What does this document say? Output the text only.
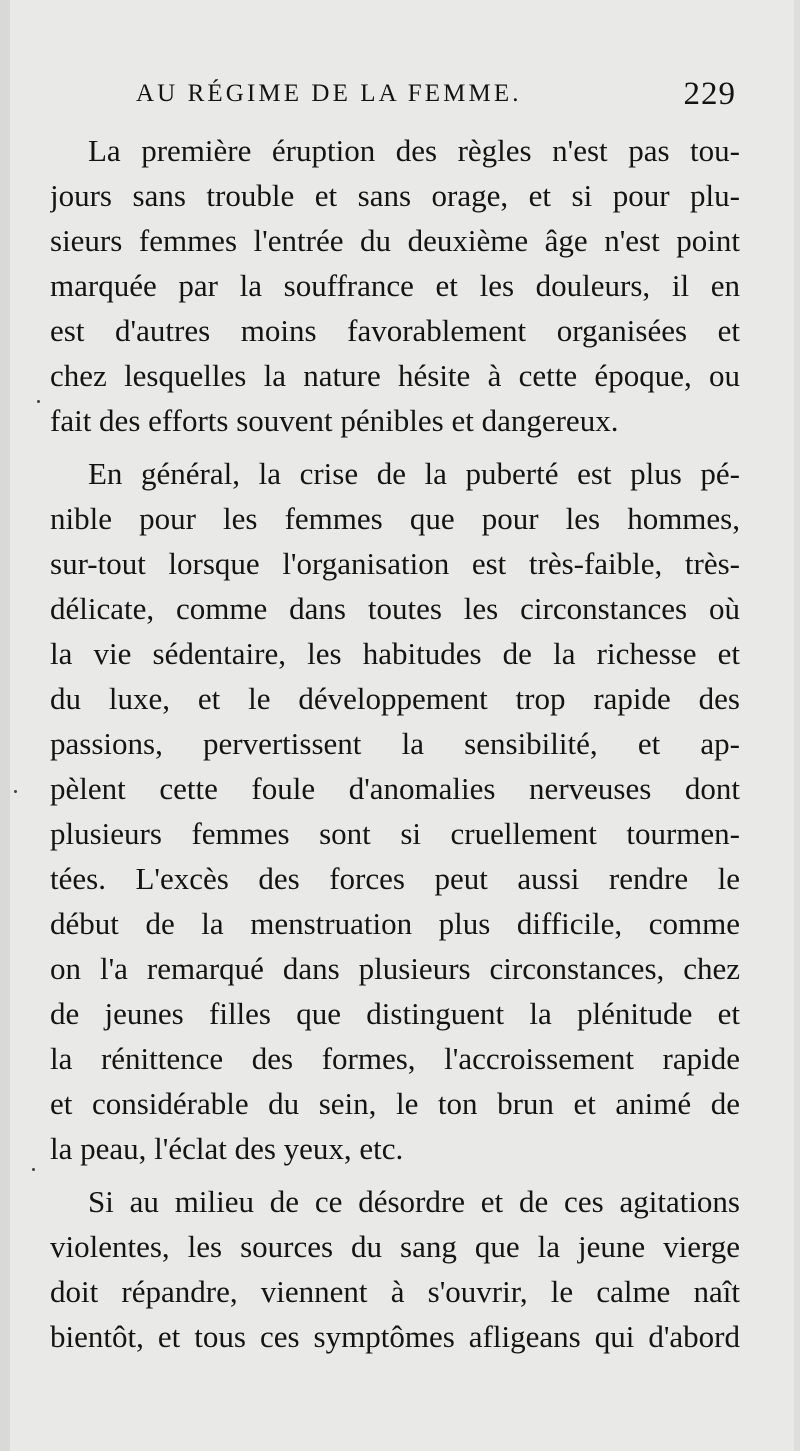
AU RÉGIME DE LA FEMME.	229

La première éruption des règles n'est pas tou-
jours sans trouble et sans orage, et si pour plu-
sieurs femmes l'entrée du deuxième âge n'est point
marquée par la souffrance et les douleurs, il en
est d'autres moins favorablement organisées et
chez lesquelles la nature hésite à cette époque, ou
fait des efforts souvent pénibles et dangereux.

En général, la crise de la puberté est plus pé-
nible pour les femmes que pour les hommes,
sur-tout lorsque l'organisation est très-faible, très-
délicate, comme dans toutes les circonstances où
la vie sédentaire, les habitudes de la richesse et
du luxe, et le développement trop rapide des
passions, pervertissent la sensibilité, et ap-
pèlent cette foule d'anomalies nerveuses dont
plusieurs femmes sont si cruellement tourmen-
tées. L'excès des forces peut aussi rendre le
début de la menstruation plus difficile, comme
on l'a remarqué dans plusieurs circonstances, chez
de jeunes filles que distinguent la plénitude et
la rénittence des formes, l'accroissement rapide
et considérable du sein, le ton brun et animé de
la peau, l'éclat des yeux, etc.

Si au milieu de ce désordre et de ces agitations
violentes, les sources du sang que la jeune vierge
doit répandre, viennent à s'ouvrir, le calme naît
bientôt, et tous ces symptômes afligeans qui d'abord
